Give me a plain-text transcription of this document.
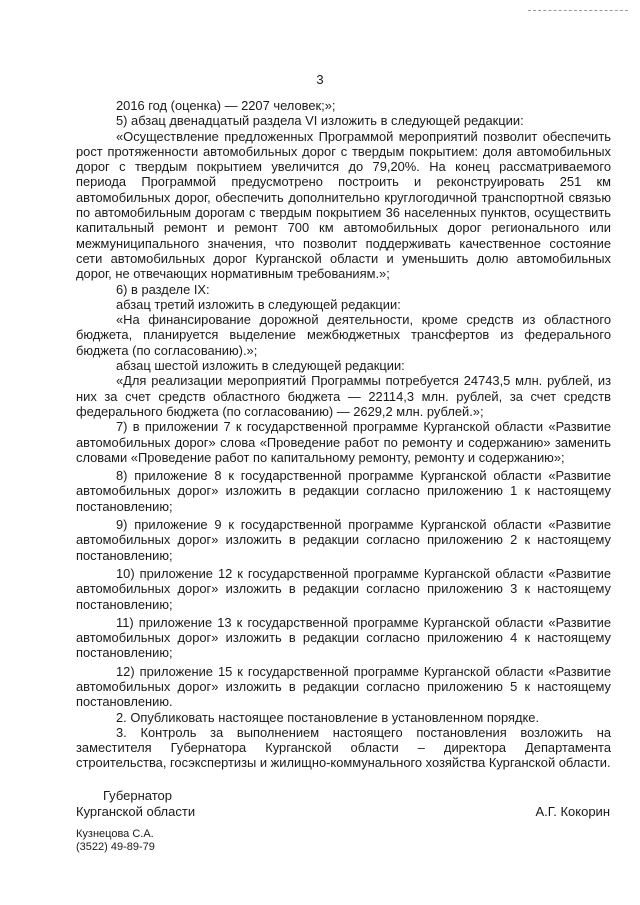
3

2016 год (оценка) — 2207 человек;»;

5) абзац двенадцатый раздела VI изложить в следующей редакции:

«Осуществление предложенных Программой мероприятий позволит обеспечить рост протяженности автомобильных дорог с твердым покрытием: доля автомобильных дорог с твердым покрытием увеличится до 79,20%. На конец рассматриваемого периода Программой предусмотрено построить и реконструировать 251 км автомобильных дорог, обеспечить дополнительно круглогодичной транспортной связью по автомобильным дорогам с твердым покрытием 36 населенных пунктов, осуществить капитальный ремонт и ремонт 700 км автомобильных дорог регионального или межмуниципального значения, что позволит поддерживать качественное состояние сети автомобильных дорог Курганской области и уменьшить долю автомобильных дорог, не отвечающих нормативным требованиям.»;

6) в разделе IX:

абзац третий изложить в следующей редакции:

«На финансирование дорожной деятельности, кроме средств из областного бюджета, планируется выделение межбюджетных трансфертов из федерального бюджета (по согласованию).»;

абзац шестой изложить в следующей редакции:

«Для реализации мероприятий Программы потребуется 24743,5 млн. рублей, из них за счет средств областного бюджета — 22114,3 млн. рублей, за счет средств федерального бюджета (по согласованию) — 2629,2 млн. рублей.»;

7) в приложении 7 к государственной программе Курганской области «Развитие автомобильных дорог» слова «Проведение работ по ремонту и содержанию» заменить словами «Проведение работ по капитальному ремонту, ремонту и содержанию»;

8) приложение 8 к государственной программе Курганской области «Развитие автомобильных дорог» изложить в редакции согласно приложению 1 к настоящему постановлению;

9) приложение 9 к государственной программе Курганской области «Развитие автомобильных дорог» изложить в редакции согласно приложению 2 к настоящему постановлению;

10) приложение 12 к государственной программе Курганской области «Развитие автомобильных дорог» изложить в редакции согласно приложению 3 к настоящему постановлению;

11) приложение 13 к государственной программе Курганской области «Развитие автомобильных дорог» изложить в редакции согласно приложению 4 к настоящему постановлению;

12) приложение 15 к государственной программе Курганской области «Развитие автомобильных дорог» изложить в редакции согласно приложению 5 к настоящему постановлению.

2. Опубликовать настоящее постановление в установленном порядке.

3. Контроль за выполнением настоящего постановления возложить на заместителя Губернатора Курганской области – директора Департамента строительства, госэкспертизы и жилищно-коммунального хозяйства Курганской области.

Губернатор
Курганской области	А.Г. Кокорин
Кузнецова С.А.
(3522) 49-89-79
